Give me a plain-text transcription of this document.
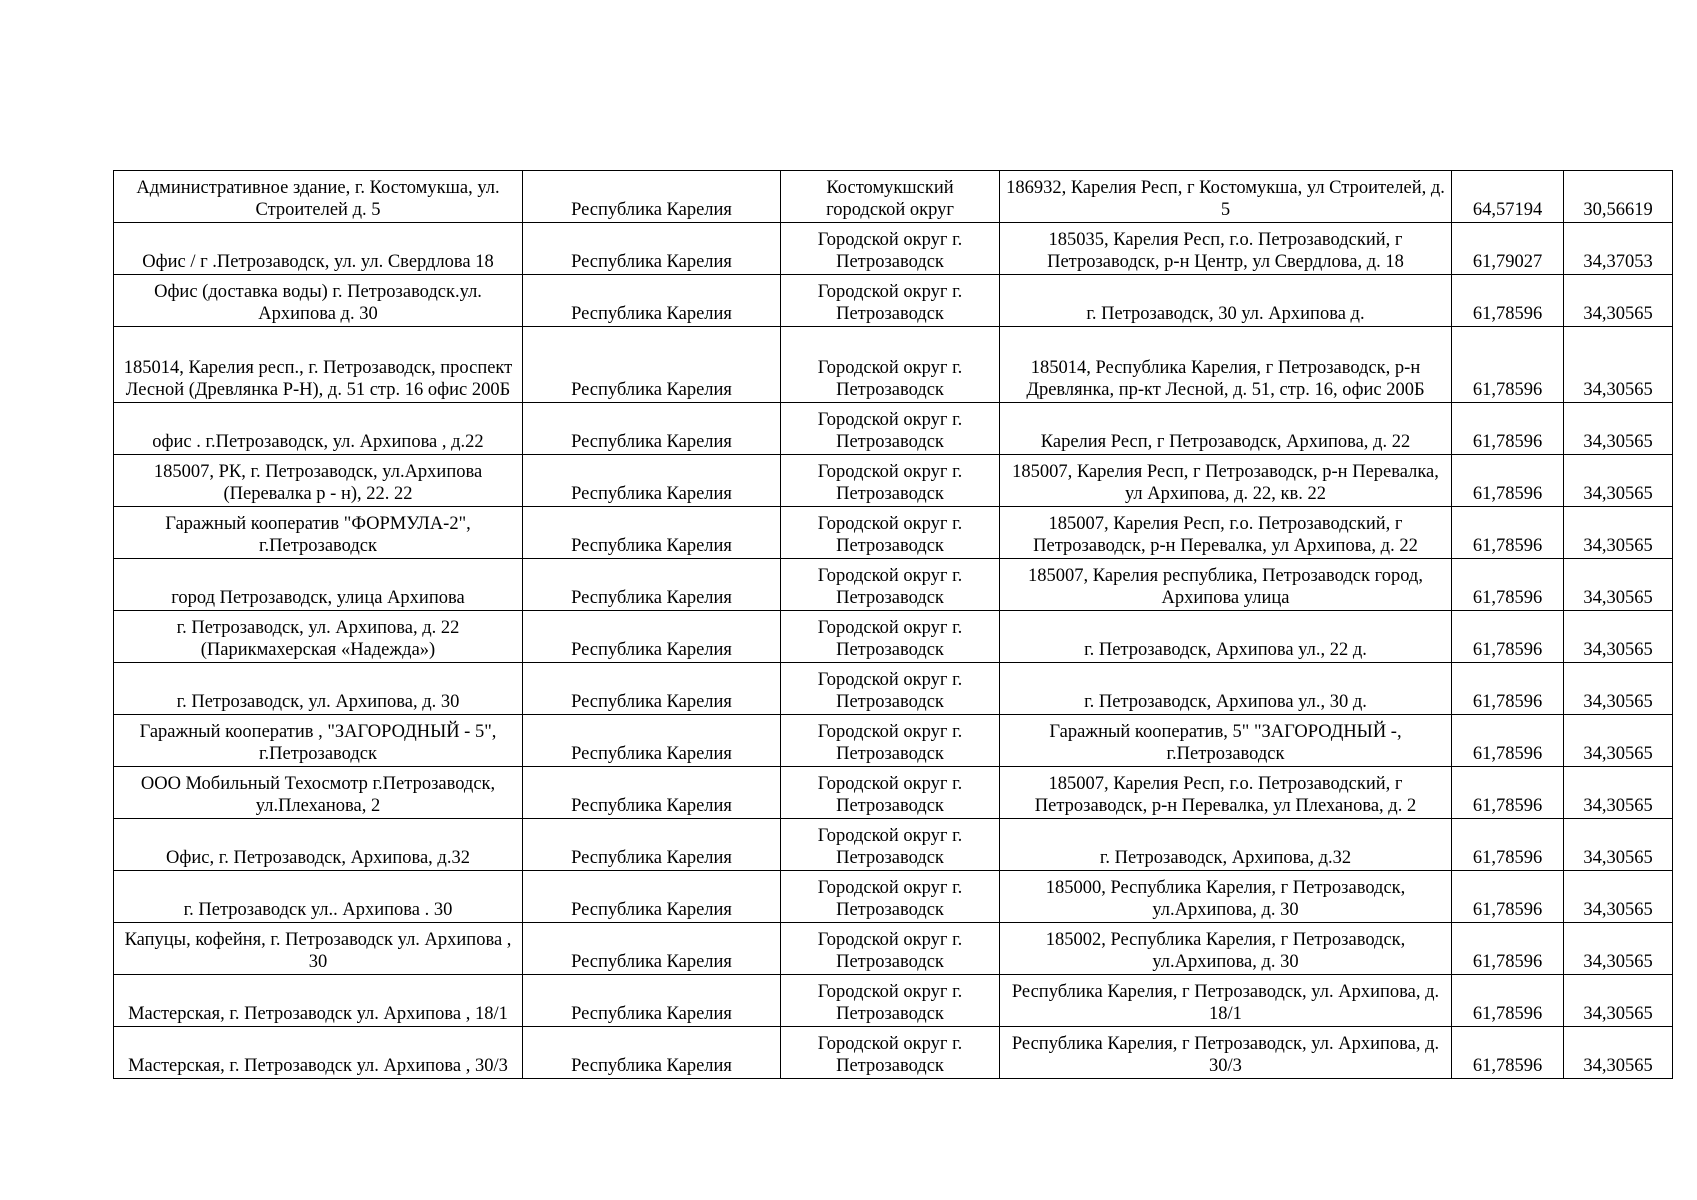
Административное здание, г. Костомукша, ул. Строителей д. 5	Республика Карелия	Костомукшский городской округ	186932, Карелия Респ, г Костомукша, ул Строителей, д. 5	64,57194	30,56619
Офис / г .Петрозаводск, ул. ул. Свердлова 18	Республика Карелия	Городской округ г. Петрозаводск	185035, Карелия Респ, г.о. Петрозаводский, г Петрозаводск, р-н Центр, ул Свердлова, д. 18	61,79027	34,37053
Офис (доставка воды) г. Петрозаводск.ул. Архипова д. 30	Республика Карелия	Городской округ г. Петрозаводск	г. Петрозаводск, 30 ул. Архипова д.	61,78596	34,30565
185014, Карелия респ., г. Петрозаводск, проспект Лесной (Древлянка Р-Н), д. 51 стр. 16 офис 200Б	Республика Карелия	Городской округ г. Петрозаводск	185014, Республика Карелия, г Петрозаводск, р-н Древлянка, пр-кт Лесной, д. 51, стр. 16, офис 200Б	61,78596	34,30565
офис . г.Петрозаводск, ул. Архипова , д.22	Республика Карелия	Городской округ г. Петрозаводск	Карелия Респ, г Петрозаводск, Архипова, д. 22	61,78596	34,30565
185007, РК, г. Петрозаводск, ул.Архипова (Перевалка р - н), 22. 22	Республика Карелия	Городской округ г. Петрозаводск	185007, Карелия Респ, г Петрозаводск, р-н Перевалка, ул Архипова, д. 22, кв. 22	61,78596	34,30565
Гаражный кооператив "ФОРМУЛА-2", г.Петрозаводск	Республика Карелия	Городской округ г. Петрозаводск	185007, Карелия Респ, г.о. Петрозаводский, г Петрозаводск, р-н Перевалка, ул Архипова, д. 22	61,78596	34,30565
город Петрозаводск, улица Архипова	Республика Карелия	Городской округ г. Петрозаводск	185007, Карелия республика, Петрозаводск город, Архипова улица	61,78596	34,30565
г. Петрозаводск, ул. Архипова, д. 22 (Парикмахерская «Надежда»)	Республика Карелия	Городской округ г. Петрозаводск	г. Петрозаводск, Архипова ул., 22 д.	61,78596	34,30565
г. Петрозаводск, ул. Архипова, д. 30	Республика Карелия	Городской округ г. Петрозаводск	г. Петрозаводск, Архипова ул., 30 д.	61,78596	34,30565
Гаражный кооператив , "ЗАГОРОДНЫЙ - 5", г.Петрозаводск	Республика Карелия	Городской округ г. Петрозаводск	Гаражный кооператив, 5" "ЗАГОРОДНЫЙ -, г.Петрозаводск	61,78596	34,30565
ООО Мобильный Техосмотр г.Петрозаводск, ул.Плеханова, 2	Республика Карелия	Городской округ г. Петрозаводск	185007, Карелия Респ, г.о. Петрозаводский, г Петрозаводск, р-н Перевалка, ул Плеханова, д. 2	61,78596	34,30565
Офис, г. Петрозаводск, Архипова, д.32	Республика Карелия	Городской округ г. Петрозаводск	г. Петрозаводск, Архипова, д.32	61,78596	34,30565
г. Петрозаводск ул.. Архипова . 30	Республика Карелия	Городской округ г. Петрозаводск	185000, Республика Карелия, г Петрозаводск, ул.Архипова, д. 30	61,78596	34,30565
Капуцы, кофейня, г. Петрозаводск ул. Архипова , 30	Республика Карелия	Городской округ г. Петрозаводск	185002, Республика Карелия, г Петрозаводск, ул.Архипова, д. 30	61,78596	34,30565
Мастерская, г. Петрозаводск ул. Архипова , 18/1	Республика Карелия	Городской округ г. Петрозаводск	Республика Карелия, г Петрозаводск, ул. Архипова, д. 18/1	61,78596	34,30565
Мастерская, г. Петрозаводск ул. Архипова , 30/3	Республика Карелия	Городской округ г. Петрозаводск	Республика Карелия, г Петрозаводск, ул. Архипова, д. 30/3	61,78596	34,30565
